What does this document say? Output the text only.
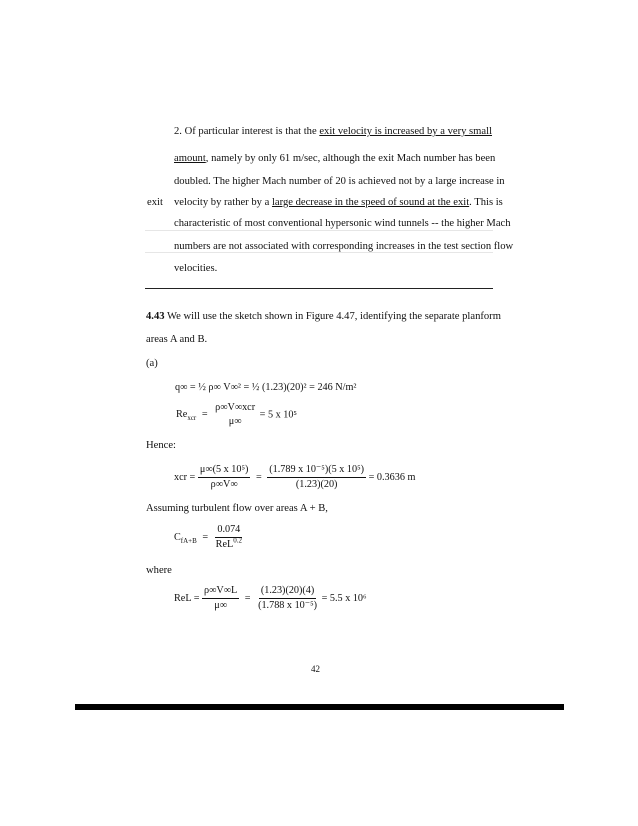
2. Of particular interest is that the exit velocity is increased by a very small
amount, namely by only 61 m/sec, although the exit Mach number has been
doubled. The higher Mach number of 20 is achieved not by a large increase in
exit velocity by rather by a large decrease in the speed of sound at the exit. This is
characteristic of most conventional hypersonic wind tunnels -- the higher Mach
numbers are not associated with corresponding increases in the test section flow
velocities.
4.43 We will use the sketch shown in Figure 4.47, identifying the separate planform
areas A and B.
(a)
q∞ = ½ ρ∞ V∞² = ½ (1.23)(20)² = 246 N/m²
$Re_{xcr}$ =
ρ∞V∞xcr
μ∞
= 5 x 10⁵
Hence:
xcr = $\frac{\text{μ∞(5 x 10⁵)}}{\rho\infty V\infty} = \frac{\text{(1.789 x 10⁻⁵)(5 x 10⁵)}}{(1.23)(20)} = 0.3636$ m
Assuming turbulent flow over areas A + B,
$C_{fA+B} = \frac{0.074}{ReL^{0.2}}$
where
ReL = $\frac{\rho\infty V\infty L}{\mu\infty} = \frac{(1.23)(20)(4)}{\text{(1.788 x 10⁻⁵)}} = 5.5$ x 10⁶
42
